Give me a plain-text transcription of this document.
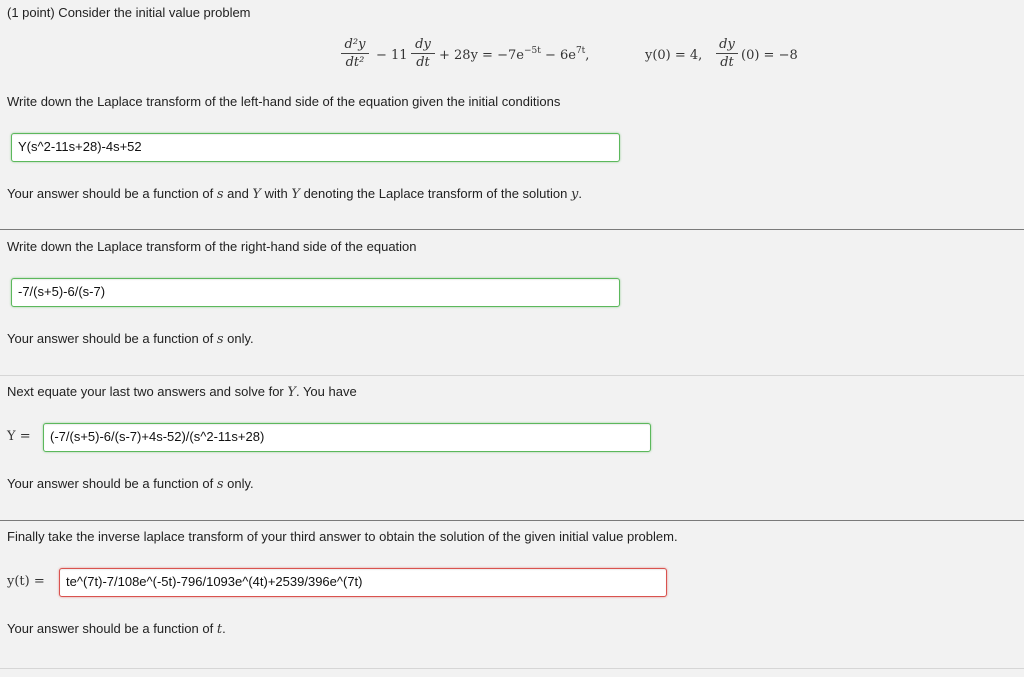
(1 point) Consider the initial value problem
d²y
dt² − 11
dy
dt + $28y = -7e^{-5t} - 6e^{7t}$,	y(0) = 4,
dy
dt (0) = −8
Write down the Laplace transform of the left-hand side of the equation given the initial conditions
Y(s^2-11s+28)-4s+52
Your answer should be a function of s and Y with Y denoting the Laplace transform of the solution y.
Write down the Laplace transform of the right-hand side of the equation
-7/(s+5)-6/(s-7)
Your answer should be a function of s only.
Next equate your last two answers and solve for Y. You have
Y =	(-7/(s+5)-6/(s-7)+4s-52)/(s^2-11s+28)
Your answer should be a function of s only.
Finally take the inverse laplace transform of your third answer to obtain the solution of the given initial value problem.
y(t) =	te^(7t)-7/108e^(-5t)-796/1093e^(4t)+2539/396e^(7t)
Your answer should be a function of t.
